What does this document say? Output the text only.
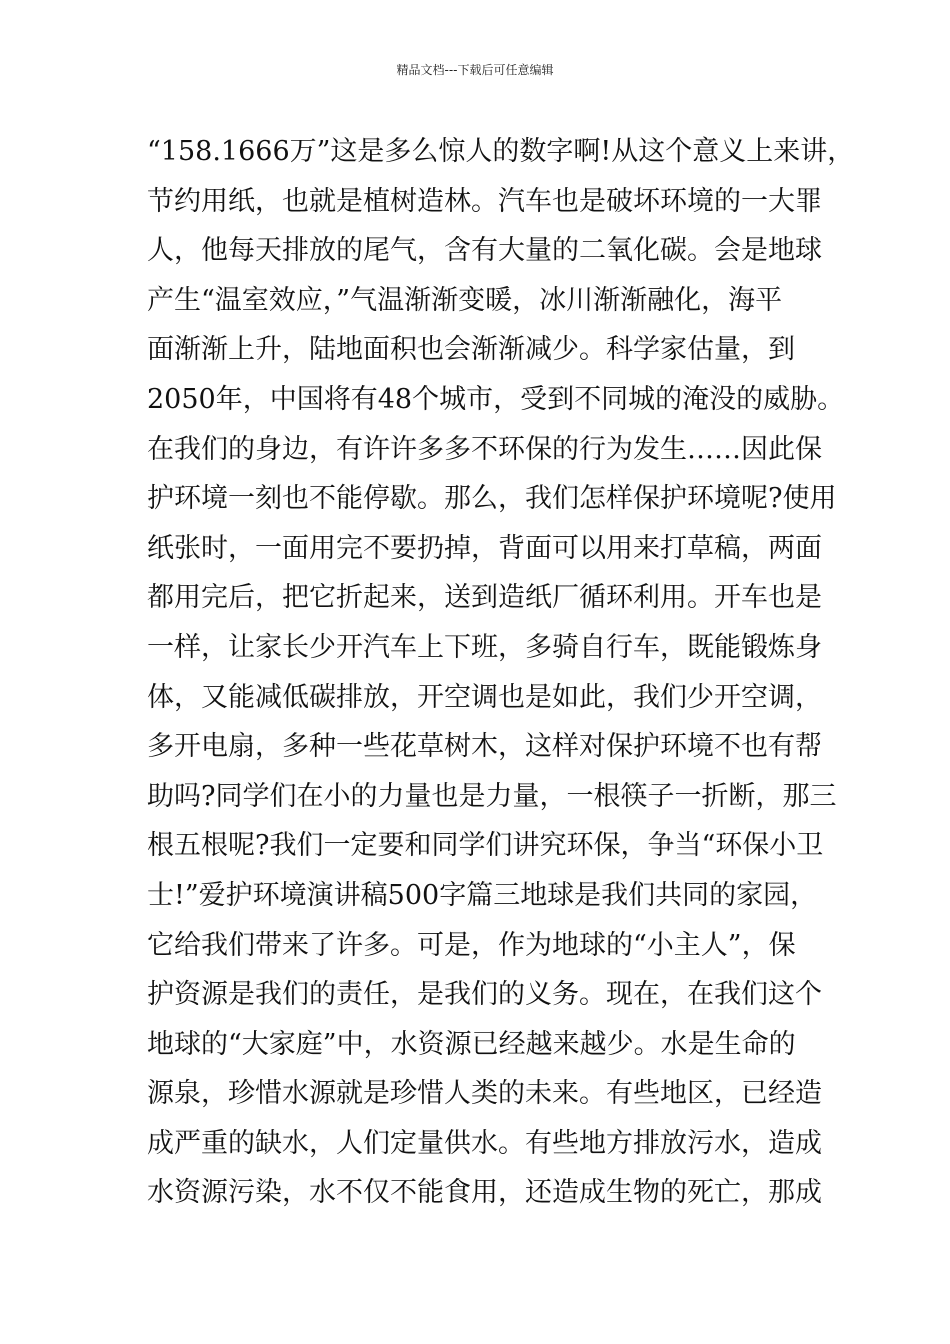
精品文档---下载后可任意编辑
“158.1666万”这是多么惊人的数字啊!从这个意义上来讲，
节约用纸，也就是植树造林。汽车也是破坏环境的一大罪
人，他每天排放的尾气，含有大量的二氧化碳。会是地球
产生“温室效应，”气温渐渐变暖，冰川渐渐融化，海平
面渐渐上升，陆地面积也会渐渐减少。科学家估量，到
2050年，中国将有48个城市，受到不同城的淹没的威胁。
在我们的身边，有许许多多不环保的行为发生……因此保
护环境一刻也不能停歇。那么，我们怎样保护环境呢?使用
纸张时，一面用完不要扔掉，背面可以用来打草稿，两面
都用完后，把它折起来，送到造纸厂循环利用。开车也是
一样，让家长少开汽车上下班，多骑自行车，既能锻炼身
体，又能减低碳排放，开空调也是如此，我们少开空调，
多开电扇，多种一些花草树木，这样对保护环境不也有帮
助吗?同学们在小的力量也是力量，一根筷子一折断，那三
根五根呢?我们一定要和同学们讲究环保，争当“环保小卫
士!”爱护环境演讲稿500字篇三地球是我们共同的家园，
它给我们带来了许多。可是，作为地球的“小主人”，保
护资源是我们的责任，是我们的义务。现在，在我们这个
地球的“大家庭”中，水资源已经越来越少。水是生命的
源泉，珍惜水源就是珍惜人类的未来。有些地区，已经造
成严重的缺水，人们定量供水。有些地方排放污水，造成
水资源污染，水不仅不能食用，还造成生物的死亡，那成
